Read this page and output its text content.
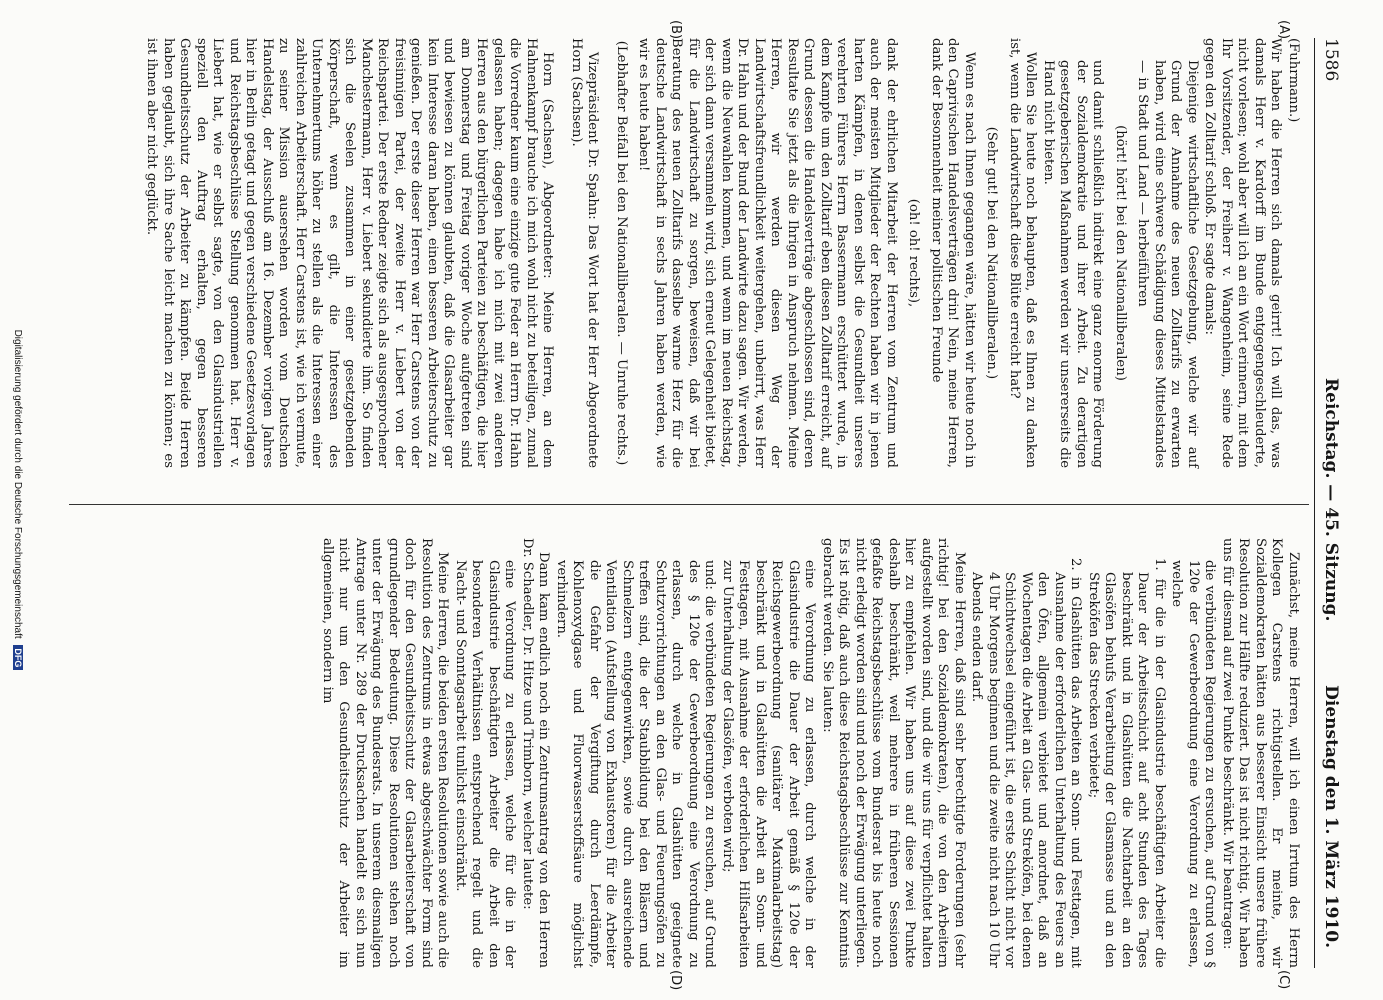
1586
Reichstag. — 45. Sitzung.
Dienstag den 1. März 1910.
(A)
(B)
(C)
(D)

(Fuhrmann.)

Wir haben die Herren sich damals geirrt! Ich will das, was damals Herr v. Kardorff im Bunde entgegengeschleuderte, nicht vorlesen; wohl aber will ich an ein Wort erinnern, mit dem Ihr Vorsitzender, der Freiherr v. Wangenheim, seine Rede gegen den Zolltarif schloß. Er sagte damals:

Diejenige wirtschaftliche Gesetzgebung, welche wir auf Grund der Annahme des neuen Zolltarifs zu erwarten haben, wird eine schwere Schädigung dieses Mittelstandes — in Stadt und Land — herbeiführen

(hört! hört! bei den Nationalliberalen)

und damit schließlich indirekt eine ganz enorme Förderung der Sozialdemokratie und ihrer Arbeit. Zu derartigen gesetzgeberischen Maßnahmen werden wir unsererseits die Hand nicht bieten.

Wollen Sie heute noch behaupten, daß es Ihnen zu danken ist, wenn die Landwirtschaft diese Blüte erreicht hat?

(Sehr gut! bei den Nationalliberalen.)

Wenn es nach Ihnen gegangen wäre, hätten wir heute noch in den Caprivischen Handelsverträgen drin! Nein, meine Herren, dank der Besonnenheit meiner politischen Freunde

(oh! oh! rechts),

dank der ehrlichen Mitarbeit der Herren vom Zentrum und auch der meisten Mitglieder der Rechten haben wir in jenen harten Kämpfen, in denen selbst die Gesundheit unseres verehrten Führers Herrn Bassermann erschüttert wurde, in dem Kampfe um den Zolltarif eben diesen Zolltarif erreicht, auf Grund dessen die Handelsverträge abgeschlossen sind, deren Resultate Sie jetzt als die Ihrigen in Anspruch nehmen. Meine Herren, wir werden diesen Weg der Landwirtschaftsfreundlichkeit weitergehen, unbeirrt, was Herr Dr. Hahn und der Bund der Landwirte dazu sagen. Wir werden, wenn die Neuwahlen kommen, und wenn im neuen Reichstag, der sich dann versammeln wird, sich erneut Gelegenheit bietet, für die Landwirtschaft zu sorgen, beweisen, daß wir bei Beratung des neuen Zolltarifs dasselbe warme Herz für die deutsche Landwirtschaft in sechs Jahren haben werden, wie wir es heute haben!

(Lebhafter Beifall bei den Nationalliberalen. — Unruhe rechts.)

Vizepräsident Dr. Spahn: Das Wort hat der Herr Abgeordnete Horn (Sachsen).

Horn (Sachsen), Abgeordneter: Meine Herren, an dem Hahnenkampf brauche ich mich wohl nicht zu beteiligen, zumal die Vorredner kaum eine einzige gute Feder an Herrn Dr. Hahn gelassen haben; dagegen habe ich mich mit zwei anderen Herren aus den bürgerlichen Parteien zu beschäftigen, die hier am Donnerstag und Freitag voriger Woche aufgetreten sind und bewiesen zu können glaubten, daß die Glasarbeiter gar kein Interesse daran haben, einen besseren Arbeiterschutz zu genießen. Der erste dieser Herren war Herr Carstens von der freisinnigen Partei, der zweite Herr v. Liebert von der Reichspartei. Der erste Redner zeigte sich als ausgesprochener Manchestermann, Herr v. Liebert sekundierte ihm. So finden sich die Seelen zusammen in einer gesetzgebenden Körperschaft, wenn es gilt, die Interessen des Unternehmertums höher zu stellen als die Interessen einer zahlreichen Arbeiterschaft. Herr Carstens ist, wie ich vermute, zu seiner Mission ausersehen worden vom Deutschen Handelstag, der Ausschuß am 16. Dezember vorigen Jahres hier in Berlin getagt und gegen verschiedene Gesetzesvorlagen und Reichstagsbeschlüsse Stellung genommen hat. Herr v. Liebert hat, wie er selbst sagte, von den Glasindustriellen speziell den Auftrag erhalten, gegen besseren Gesundheitsschutz der Arbeiter zu kämpfen. Beide Herren haben geglaubt, sich ihre Sache leicht machen zu können; es ist ihnen aber nicht geglückt.

Zunächst, meine Herren, will ich einen Irrtum des Herrn Kollegen Carstens richtigstellen. Er meinte, wir Sozialdemokraten hätten aus besserer Einsicht unsere frühere Resolution zur Hälfte reduziert. Das ist nicht richtig. Wir haben uns für diesmal auf zwei Punkte beschränkt. Wir beantragen:

die verbündeten Regierungen zu ersuchen, auf Grund von § 120e der Gewerbeordnung eine Verordnung zu erlassen, welche

1. für die in der Glasindustrie beschäftigten Arbeiter die Dauer der Arbeitsschicht auf acht Stunden des Tages beschränkt und in Glashütten die Nachtarbeit an den Glasöfen behufs Verarbeitung der Glasmasse und an den Streköfen das Strecken verbietet;

2. in Glashütten das Arbeiten an Sonn- und Festtagen, mit Ausnahme der erforderlichen Unterhaltung des Feuers an den Öfen, allgemein verbietet und anordnet, daß an Wochentagen die Arbeit an Glas- und Streköfen, bei denen Schichtwechsel eingeführt ist, die erste Schicht nicht vor 4 Uhr Morgens beginnen und die zweite nicht nach 10 Uhr Abends enden darf.

Meine Herren, daß sind sehr berechtigte Forderungen (sehr richtig! bei den Sozialdemokraten), die von den Arbeitern aufgestellt worden sind, und die wir uns für verpflichtet halten hier zu empfehlen. Wir haben uns auf diese zwei Punkte deshalb beschränkt, weil mehrere in früheren Sessionen gefaßte Reichstagsbeschlüsse vom Bundesrat bis heute noch nicht erledigt worden sind und noch der Erwägung unterliegen. Es ist nötig, daß auch diese Reichstagsbeschlüsse zur Kenntnis gebracht werden. Sie lauten:

eine Verordnung zu erlassen, durch welche in der Glasindustrie die Dauer der Arbeit gemäß § 120e der Reichsgewerbeordnung (sanitärer Maximalarbeitstag) beschränkt und in Glashütten die Arbeit an Sonn- und Festtagen, mit Ausnahme der erforderlichen Hilfsarbeiten zur Unterhaltung der Glasöfen, verboten wird;

und: die verbündeten Regierungen zu ersuchen, auf Grund des § 120e der Gewerbeordnung eine Verordnung zu erlassen, durch welche in Glashütten geeignete Schutzvorrichtungen an den Glas- und Feuerungsöfen zu treffen sind, die der Staubbildung bei den Bläsern und Schmelzern entgegenwirken, sowie durch ausreichende Ventilation (Aufstellung von Exhaustoren) für die Arbeiter die Gefahr der Vergiftung durch Leerdämpfe, Kohlenoxydgase und Fluorwasserstoffsäure möglichst verhindern.

Dann kam endlich noch ein Zentrumsantrag von den Herren Dr. Schaedler, Dr. Hitze und Trimborn, welcher lautete:

eine Verordnung zu erlassen, welche für die in der Glasindustrie beschäftigten Arbeiter die Arbeit den besonderen Verhältnissen entsprechend regelt und die Nacht- und Sonntagsarbeit tunlichst einschränkt.

Meine Herren, die beiden ersten Resolutionen sowie auch die Resolution des Zentrums in etwas abgeschwächter Form sind doch für den Gesundheitsschutz der Glasarbeiterschaft von grundlegender Bedeutung. Diese Resolutionen stehen noch unter der Erwägung des Bundesrats. In unserem diesmaligen Antrage unter Nr. 289 der Drucksachen handelt es sich nun nicht nur um den Gesundheitsschutz der Arbeiter im allgemeinen, sondern im

Digitalisierung gefördert durch die Deutsche Forschungsgemeinschaft DFG
